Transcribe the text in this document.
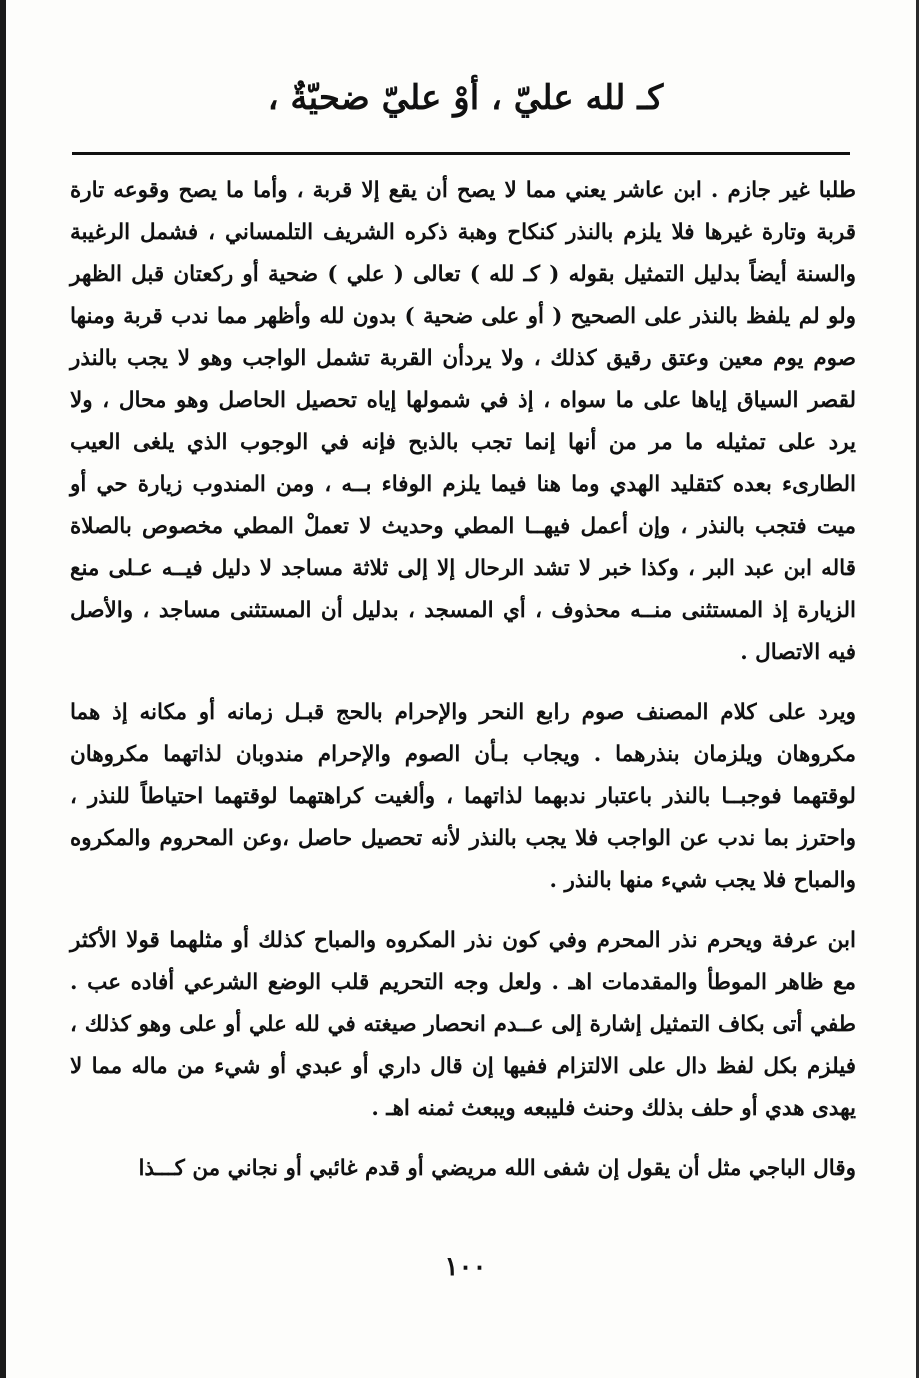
كـ لله عليّ ، أوْ عليّ ضحيّةٌ ،

طلبا غير جازم . ابن عاشر يعني مما لا يصح أن يقع إلا قربة ، وأما ما يصح وقوعه تارة قربة وتارة غيرها فلا يلزم بالنذر كنكاح وهبة ذكره الشريف التلمساني ، فشمل الرغيبة والسنة أيضاً بدليل التمثيل بقوله ( كـ لله ) تعالى ( علي ) ضحية أو ركعتان قبل الظهر ولو لم يلفظ بالنذر على الصحيح ( أو على ضحية ) بدون لله وأظهر مما ندب قربة ومنها صوم يوم معين وعتق رقيق كذلك ، ولا يردأن القربة تشمل الواجب وهو لا يجب بالنذر لقصر السياق إياها على ما سواه ، إذ في شمولها إياه تحصيل الحاصل وهو محال ، ولا يرد على تمثيله ما مر من أنها إنما تجب بالذبح فإنه في الوجوب الذي يلغى العيب الطارىء بعده كتقليد الهدي وما هنا فيما يلزم الوفاء بــه ، ومن المندوب زيارة حي أو ميت فتجب بالنذر ، وإن أعمل فيهــا المطي وحديث لا تعملْ المطي مخصوص بالصلاة قاله ابن عبد البر ، وكذا خبر لا تشد الرحال إلا إلى ثلاثة مساجد لا دليل فيــه عـلى منع الزيارة إذ المستثنى منــه محذوف ، أي المسجد ، بدليل أن المستثنى مساجد ، والأصل فيه الاتصال .

ويرد على كلام المصنف صوم رابع النحر والإحرام بالحج قبـل زمانه أو مكانه إذ هما مكروهان ويلزمان بنذرهما . ويجاب بـأن الصوم والإحرام مندوبان لذاتهما مكروهان لوقتهما فوجبــا بالنذر باعتبار ندبهما لذاتهما ، وألغيت كراهتهما لوقتهما احتياطاً للنذر ، واحترز بما ندب عن الواجب فلا يجب بالنذر لأنه تحصيل حاصل ،وعن المحروم والمكروه والمباح فلا يجب شيء منها بالنذر .

ابن عرفة ويحرم نذر المحرم وفي كون نذر المكروه والمباح كذلك أو مثلهما قولا الأكثر مع ظاهر الموطأ والمقدمات اهـ . ولعل وجه التحريم قلب الوضع الشرعي أفاده عب . طفي أتى بكاف التمثيل إشارة إلى عــدم انحصار صيغته في لله علي أو على وهو كذلك ، فيلزم بكل لفظ دال على الالتزام ففيها إن قال داري أو عبدي أو شيء من ماله مما لا يهدى هدي أو حلف بذلك وحنث فليبعه ويبعث ثمنه اهـ .

وقال الباجي مثل أن يقول إن شفى الله مريضي أو قدم غائبي أو نجاني من كـــذا

١٠٠
